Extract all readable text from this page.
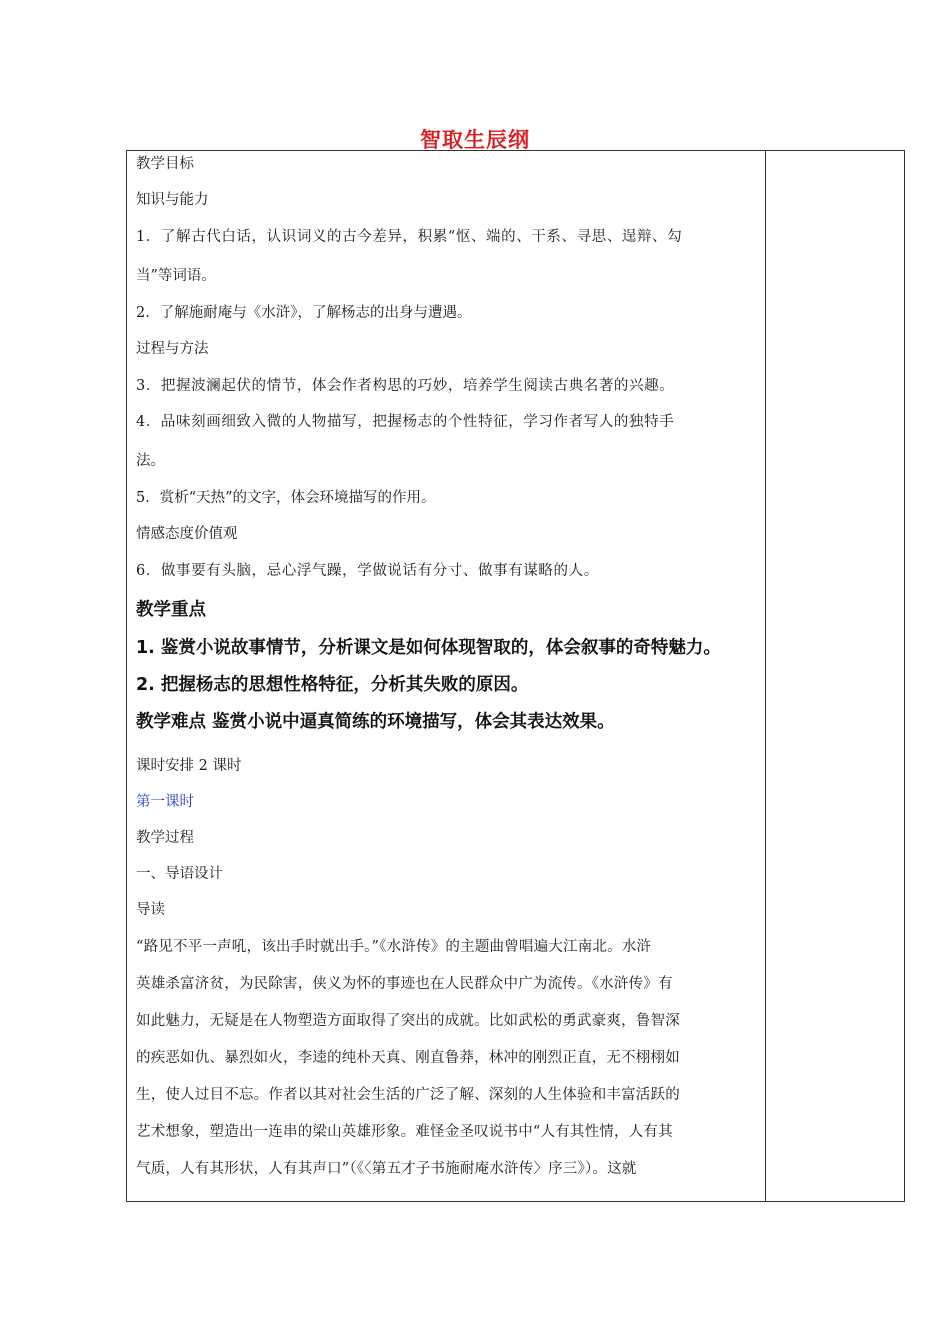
智取生辰纲
教学目标
知识与能力
1．了解古代白话，认识词义的古今差异，积累“怄、端的、干系、寻思、逞辩、勾
当”等词语。
2．了解施耐庵与《水浒》，了解杨志的出身与遭遇。
过程与方法
3．把握波澜起伏的情节，体会作者构思的巧妙，培养学生阅读古典名著的兴趣。
4．品味刻画细致入微的人物描写，把握杨志的个性特征，学习作者写人的独特手
法。
5．赏析“天热”的文字，体会环境描写的作用。
情感态度价值观
6．做事要有头脑，忌心浮气躁，学做说话有分寸、做事有谋略的人。
教学重点
1. 鉴赏小说故事情节，分析课文是如何体现智取的，体会叙事的奇特魅力。
2. 把握杨志的思想性格特征，分析其失败的原因。
教学难点 鉴赏小说中逼真简练的环境描写，体会其表达效果。
课时安排 2 课时
第一课时
教学过程
一、导语设计
导读
“路见不平一声吼，该出手时就出手。”《水浒传》的主题曲曾唱遍大江南北。水浒
英雄杀富济贫，为民除害，侠义为怀的事迹也在人民群众中广为流传。《水浒传》有
如此魅力，无疑是在人物塑造方面取得了突出的成就。比如武松的勇武豪爽，鲁智深
的疾恶如仇、暴烈如火，李逵的纯朴天真、刚直鲁莽，林冲的刚烈正直，无不栩栩如
生，使人过目不忘。作者以其对社会生活的广泛了解、深刻的人生体验和丰富活跃的
艺术想象，塑造出一连串的梁山英雄形象。难怪金圣叹说书中“人有其性情，人有其
气质，人有其形状，人有其声口”（《〈第五才子书施耐庵水浒传〉序三》）。这就
